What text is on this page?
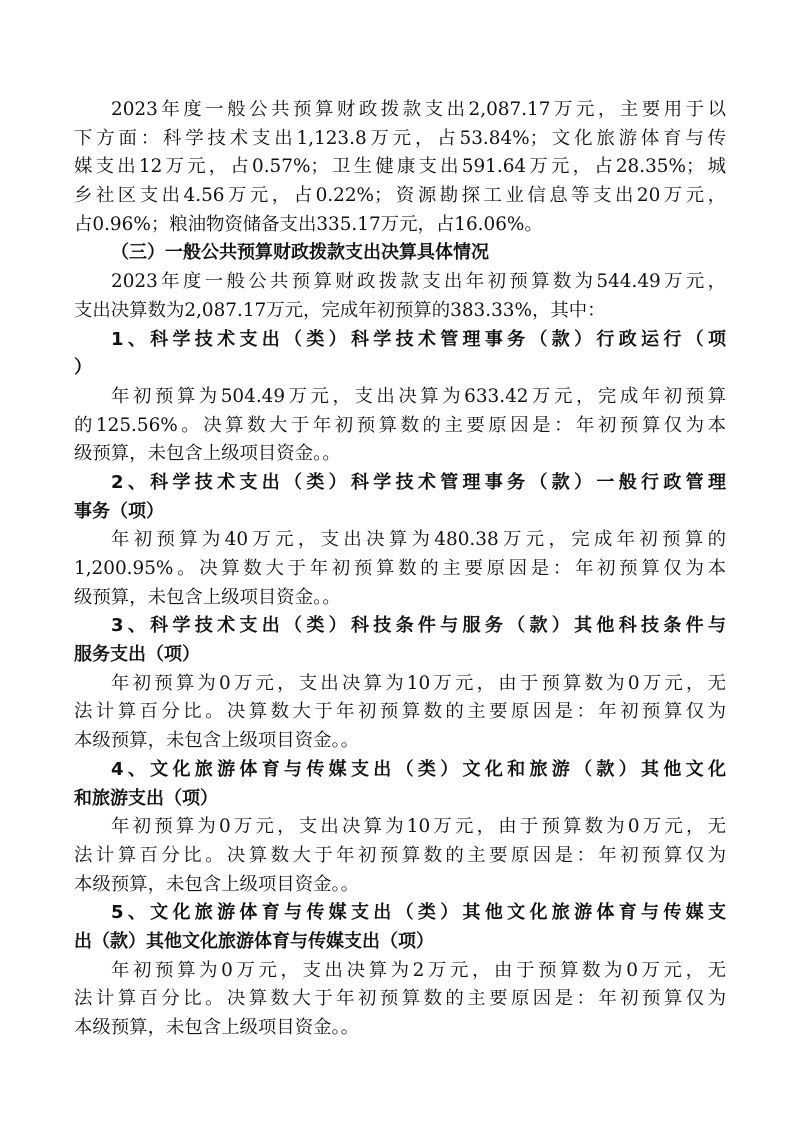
2023年度一般公共预算财政拨款支出2,087.17万元，主要用于以
下方面：科学技术支出1,123.8万元，占53.84%；文化旅游体育与传
媒支出12万元，占0.57%；卫生健康支出591.64万元，占28.35%；城
乡社区支出4.56万元，占0.22%；资源勘探工业信息等支出20万元，
占0.96%；粮油物资储备支出335.17万元，占16.06%。
（三）一般公共预算财政拨款支出决算具体情况
2023年度一般公共预算财政拨款支出年初预算数为544.49万元，
支出决算数为2,087.17万元，完成年初预算的383.33%，其中：
1、科学技术支出（类）科学技术管理事务（款）行政运行（项
）
年初预算为504.49万元，支出决算为633.42万元，完成年初预算
的125.56%。决算数大于年初预算数的主要原因是：年初预算仅为本
级预算，未包含上级项目资金。。
2、科学技术支出（类）科学技术管理事务（款）一般行政管理
事务（项）
年初预算为40万元，支出决算为480.38万元，完成年初预算的
1,200.95%。决算数大于年初预算数的主要原因是：年初预算仅为本
级预算，未包含上级项目资金。。
3、科学技术支出（类）科技条件与服务（款）其他科技条件与
服务支出（项）
年初预算为0万元，支出决算为10万元，由于预算数为0万元，无
法计算百分比。决算数大于年初预算数的主要原因是：年初预算仅为
本级预算，未包含上级项目资金。。
4、文化旅游体育与传媒支出（类）文化和旅游（款）其他文化
和旅游支出（项）
年初预算为0万元，支出决算为10万元，由于预算数为0万元，无
法计算百分比。决算数大于年初预算数的主要原因是：年初预算仅为
本级预算，未包含上级项目资金。。
5、文化旅游体育与传媒支出（类）其他文化旅游体育与传媒支
出（款）其他文化旅游体育与传媒支出（项）
年初预算为0万元，支出决算为2万元，由于预算数为0万元，无
法计算百分比。决算数大于年初预算数的主要原因是：年初预算仅为
本级预算，未包含上级项目资金。。
